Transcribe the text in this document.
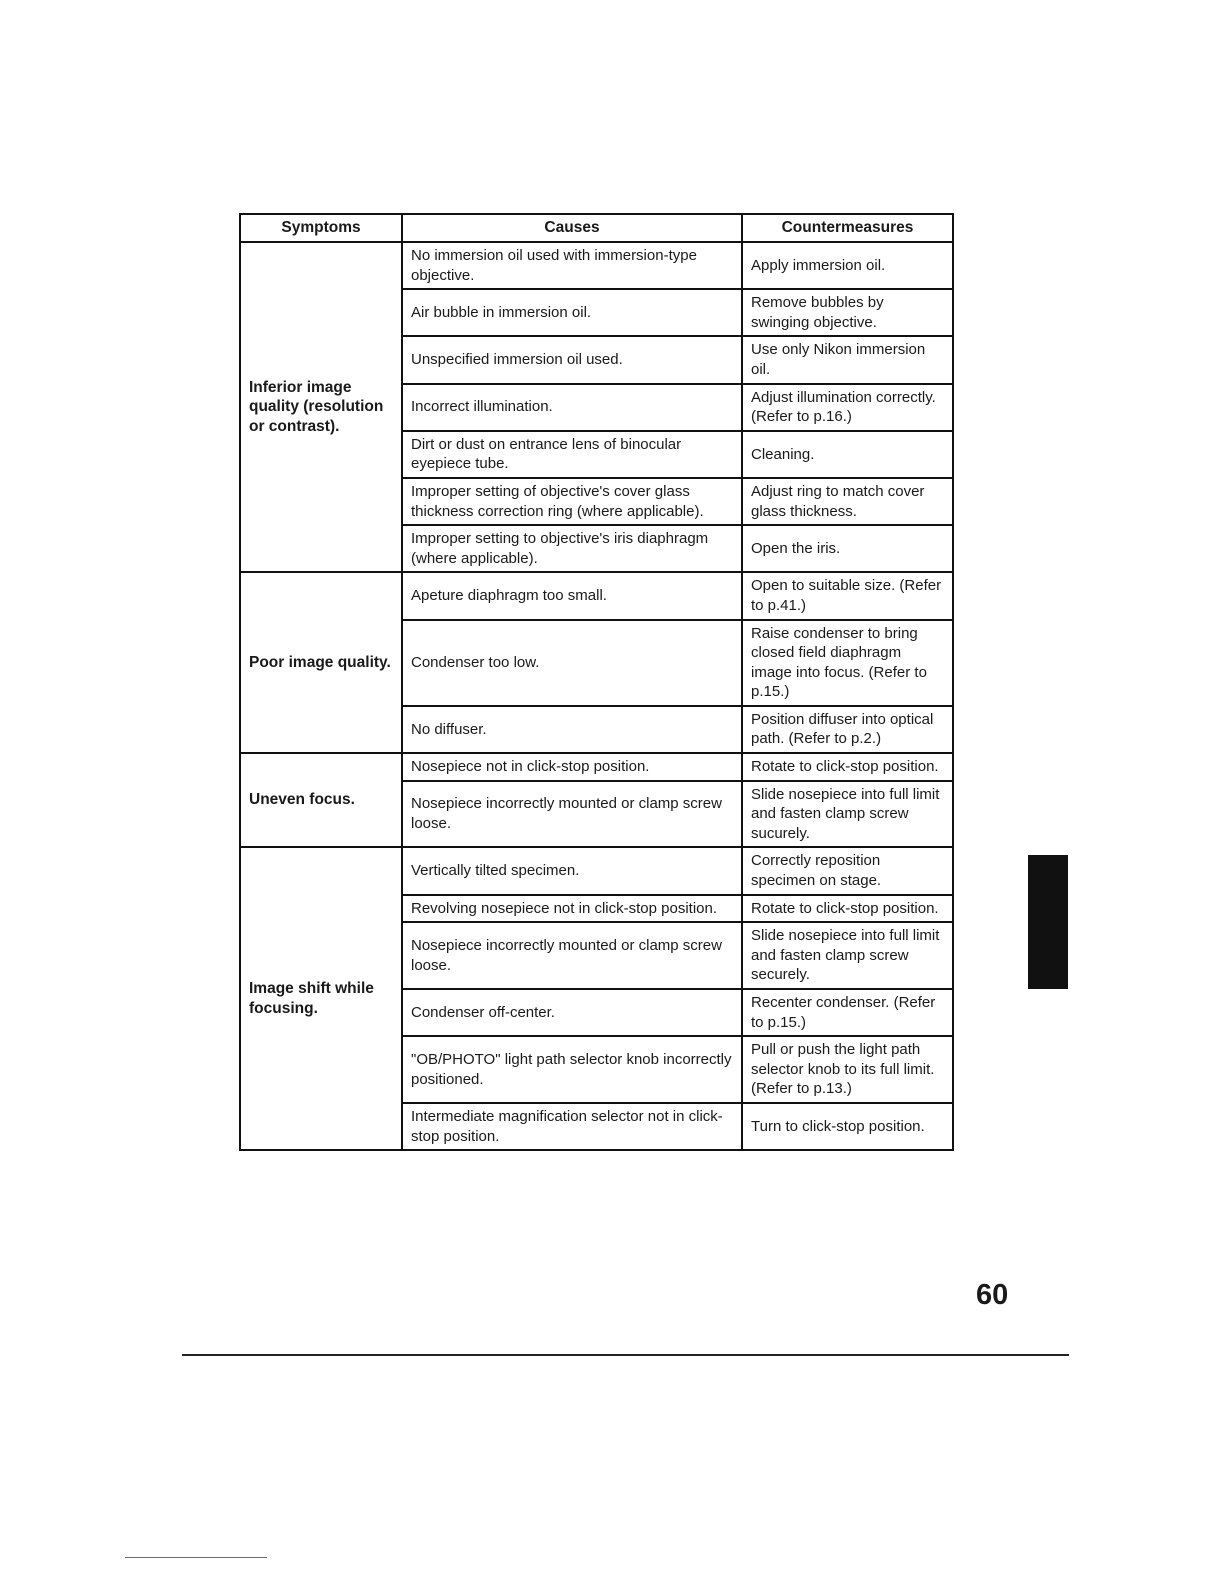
Symptoms	Causes	Countermeasures
Inferior image quality (resolution or contrast).	No immersion oil used with immersion-type objective.	Apply immersion oil.
	Air bubble in immersion oil.	Remove bubbles by swinging objective.
	Unspecified immersion oil used.	Use only Nikon immersion oil.
	Incorrect illumination.	Adjust illumination correctly. (Refer to p.16.)
	Dirt or dust on entrance lens of binocular eyepiece tube.	Cleaning.
	Improper setting of objective's cover glass thickness correction ring (where applicable).	Adjust ring to match cover glass thickness.
	Improper setting to objective's iris diaphragm (where applicable).	Open the iris.
Poor image quality.	Apeture diaphragm too small.	Open to suitable size. (Refer to p.41.)
	Condenser too low.	Raise condenser to bring closed field diaphragm image into focus. (Refer to p.15.)
	No diffuser.	Position diffuser into optical path. (Refer to p.2.)
Uneven focus.	Nosepiece not in click-stop position.	Rotate to click-stop position.
	Nosepiece incorrectly mounted or clamp screw loose.	Slide nosepiece into full limit and fasten clamp screw sucurely.
Image shift while focusing.	Vertically tilted specimen.	Correctly reposition specimen on stage.
	Revolving nosepiece not in click-stop position.	Rotate to click-stop position.
	Nosepiece incorrectly mounted or clamp screw loose.	Slide nosepiece into full limit and fasten clamp screw securely.
	Condenser off-center.	Recenter condenser. (Refer to p.15.)
	"OB/PHOTO" light path selector knob incorrectly positioned.	Pull or push the light path selector knob to its full limit. (Refer to p.13.)
	Intermediate magnification selector not in click-stop position.	Turn to click-stop position.
60
